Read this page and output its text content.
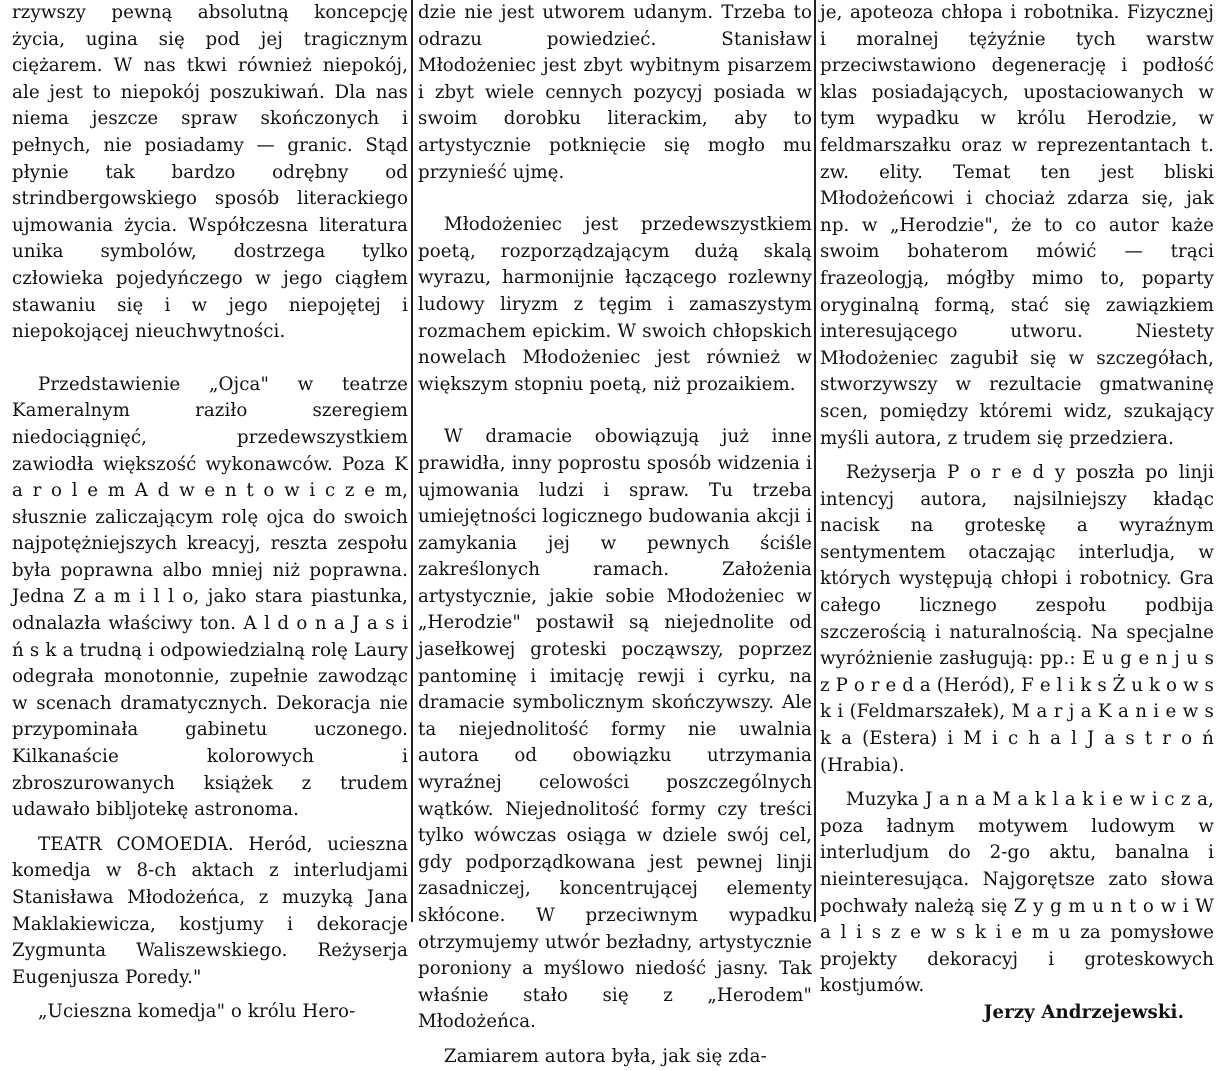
rzywszy pewną absolutną koncepcję życia, ugina się pod jej tragicznym ciężarem. W nas tkwi również niepokój, ale jest to niepokój poszukiwań. Dla nas niema jeszcze spraw skończonych i pełnych, nie posiadamy — granic. Stąd płynie tak bardzo odrębny od strindbergowskiego sposób literackiego ujmowania życia. Współczesna literatura unika symbolów, dostrzega tylko człowieka pojedyńczego w jego ciągłem stawaniu się i w jego niepojętej i niepokojącej nieuchwytności.

Przedstawienie „Ojca" w teatrze Kameralnym raziło szeregiem niedociągnięć, przedewszystkiem zawiodła większość wykonawców. Poza K a r o l e m A d w e n t o w i c z e m, słusznie zaliczającym rolę ojca do swoich najpotężniejszych kreacyj, reszta zespołu była poprawna albo mniej niż poprawna. Jedna Z a m i l l o, jako stara piastunka, odnalazła właściwy ton. A l d o n a J a s i ń s k a trudną i odpowiedzialną rolę Laury odegrała monotonnie, zupełnie zawodząc w scenach dramatycznych. Dekoracja nie przypominała gabinetu uczonego. Kilkanaście kolorowych i zbroszurowanych książek z trudem udawało bibljotekę astronoma.

TEATR COMOEDIA. Heród, ucieszna komedja w 8-ch aktach z interludjami Stanisława Młodożeńca, z muzyką Jana Maklakiewicza, kostjumy i dekoracje Zygmunta Waliszewskiego. Reżyserja Eugenjusza Poredy."

„Ucieszna komedja" o królu Hero-

dzie nie jest utworem udanym. Trzeba to odrazu powiedzieć. Stanisław Młodożeniec jest zbyt wybitnym pisarzem i zbyt wiele cennych pozycyj posiada w swoim dorobku literackim, aby to artystycznie potknięcie się mogło mu przynieść ujmę.

Młodożeniec jest przedewszystkiem poetą, rozporządzającym dużą skalą wyrazu, harmonijnie łączącego rozlewny ludowy liryzm z tęgim i zamaszystym rozmachem epickim. W swoich chłopskich nowelach Młodożeniec jest również w większym stopniu poetą, niż prozaikiem.

W dramacie obowiązują już inne prawidła, inny poprostu sposób widzenia i ujmowania ludzi i spraw. Tu trzeba umiejętności logicznego budowania akcji i zamykania jej w pewnych ściśle zakreślonych ramach. Założenia artystycznie, jakie sobie Młodożeniec w „Herodzie" postawił są niejednolite od jasełkowej groteski począwszy, poprzez pantominę i imitację rewji i cyrku, na dramacie symbolicznym skończywszy. Ale ta niejednolitość formy nie uwalnia autora od obowiązku utrzymania wyraźnej celowości poszczególnych wątków. Niejednolitość formy czy treści tylko wówczas osiąga w dziele swój cel, gdy podporządkowana jest pewnej linji zasadniczej, koncentrującej elementy skłócone. W przeciwnym wypadku otrzymujemy utwór bezładny, artystycznie poroniony a myślowo niedość jasny. Tak właśnie stało się z „Herodem" Młodożeńca.

Zamiarem autora była, jak się zda-

je, apoteoza chłopa i robotnika. Fizycznej i moralnej tężyźnie tych warstw przeciwstawiono degenerację i podłość klas posiadających, upostaciowanych w tym wypadku w królu Herodzie, w feldmarszałku oraz w reprezentantach t. zw. elity. Temat ten jest bliski Młodożeńcowi i chociaż zdarza się, jak np. w „Herodzie", że to co autor każe swoim bohaterom mówić — trąci frazeologją, mógłby mimo to, poparty oryginalną formą, stać się zawiązkiem interesującego utworu. Niestety Młodożeniec zagubił się w szczegółach, stworzywszy w rezultacie gmatwaninę scen, pomiędzy któremi widz, szukający myśli autora, z trudem się przedziera.

Reżyserja P o r e d y poszła po linji intencyj autora, najsilniejszy kładąc nacisk na groteskę a wyraźnym sentymentem otaczając interludja, w których występują chłopi i robotnicy. Gra całego licznego zespołu podbija szczerością i naturalnością. Na specjalne wyróżnienie zasługują: pp.: E u g e n j u s z P o r e d a (Heród), F e l i k s Ż u k o w s k i (Feldmarszałek), M a r j a K a n i e w s k a (Estera) i M i c h a l J a s t r o ń (Hrabia).

Muzyka J a n a M a k l a k i e w i c z a, poza ładnym motywem ludowym w interludjum do 2-go aktu, banalna i nieinteresująca. Najgorętsze zato słowa pochwały należą się Z y g m u n t o w i W a l i s z e w s k i e m u za pomysłowe projekty dekoracyj i groteskowych kostjumów.

Jerzy Andrzejewski.
